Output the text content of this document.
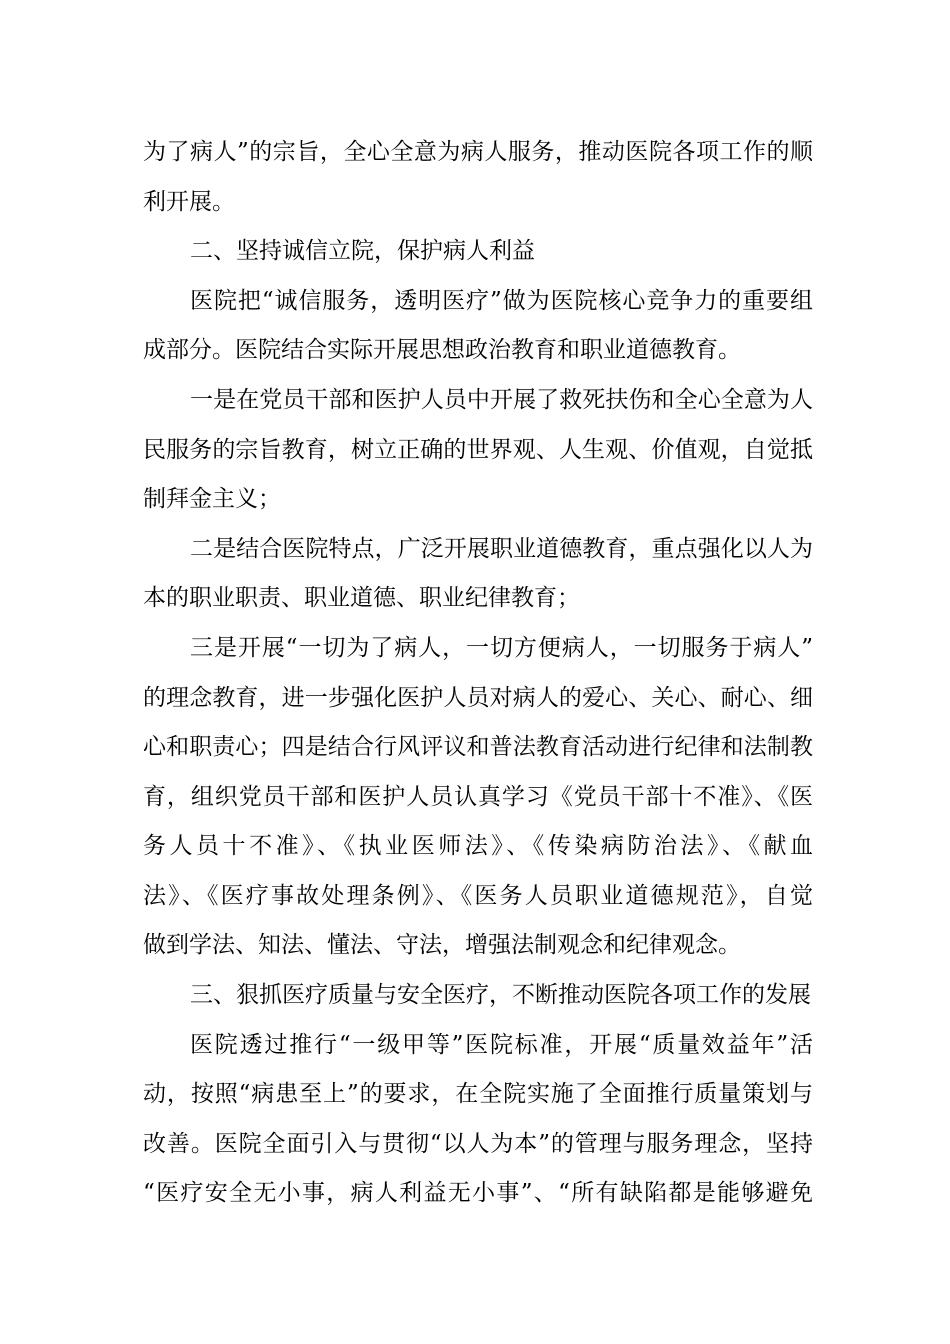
为了病人”的宗旨，全心全意为病人服务，推动医院各项工作的顺
利开展。
二、坚持诚信立院，保护病人利益
医院把“诚信服务，透明医疗”做为医院核心竞争力的重要组
成部分。医院结合实际开展思想政治教育和职业道德教育。
一是在党员干部和医护人员中开展了救死扶伤和全心全意为人
民服务的宗旨教育，树立正确的世界观、人生观、价值观，自觉抵
制拜金主义；
二是结合医院特点，广泛开展职业道德教育，重点强化以人为
本的职业职责、职业道德、职业纪律教育；
三是开展“一切为了病人，一切方便病人，一切服务于病人”
的理念教育，进一步强化医护人员对病人的爱心、关心、耐心、细
心和职责心；四是结合行风评议和普法教育活动进行纪律和法制教
育，组织党员干部和医护人员认真学习《党员干部十不准》、《医
务人员十不准》、《执业医师法》、《传染病防治法》、《献血
法》、《医疗事故处理条例》、《医务人员职业道德规范》，自觉
做到学法、知法、懂法、守法，增强法制观念和纪律观念。
三、狠抓医疗质量与安全医疗，不断推动医院各项工作的发展
医院透过推行“一级甲等”医院标准，开展“质量效益年”活
动，按照“病患至上”的要求，在全院实施了全面推行质量策划与
改善。医院全面引入与贯彻“以人为本”的管理与服务理念，坚持
“医疗安全无小事，病人利益无小事”、“所有缺陷都是能够避免
